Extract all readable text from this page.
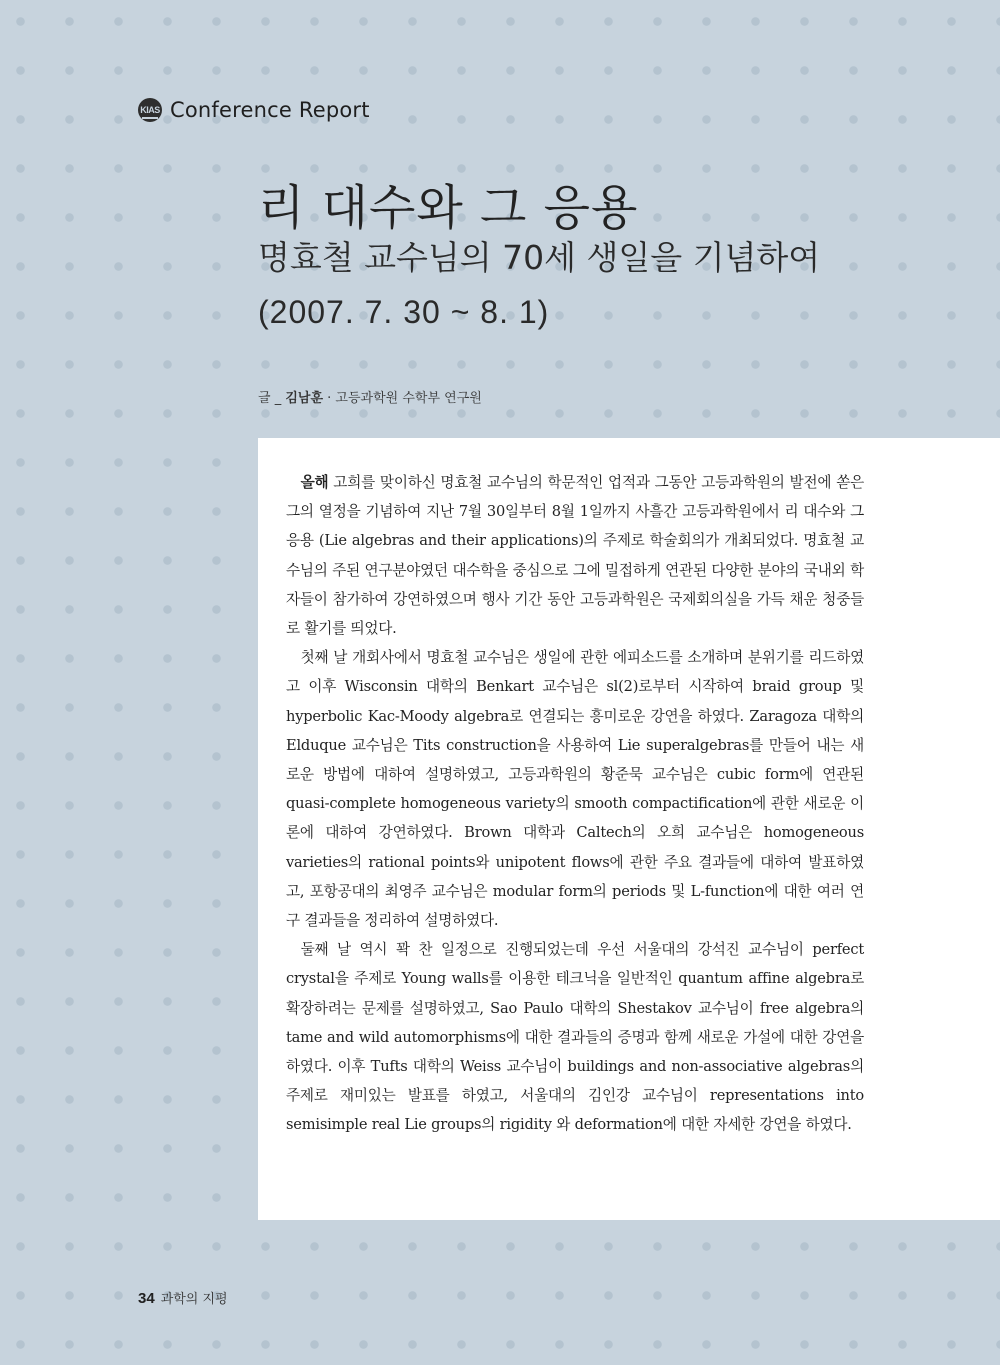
KIAS Conference Report
리 대수와 그 응용
명효철 교수님의 70세 생일을 기념하여
(2007. 7. 30 ~ 8. 1)
글 _ 김남훈 · 고등과학원 수학부 연구원

올해 고희를 맞이하신 명효철 교수님의 학문적인 업적과 그동안 고등과학원의 발전에 쏟은 그의 열정을 기념하여 지난 7월 30일부터 8월 1일까지 사흘간 고등과학원에서 리 대수와 그 응용 (Lie algebras and their applications)의 주제로 학술회의가 개최되었다. 명효철 교수님의 주된 연구분야였던 대수학을 중심으로 그에 밀접하게 연관된 다양한 분야의 국내외 학자들이 참가하여 강연하였으며 행사 기간 동안 고등과학원은 국제회의실을 가득 채운 청중들로 활기를 띄었다.

첫째 날 개회사에서 명효철 교수님은 생일에 관한 에피소드를 소개하며 분위기를 리드하였고 이후 Wisconsin 대학의 Benkart 교수님은 sl(2)로부터 시작하여 braid group 및 hyperbolic Kac-Moody algebra로 연결되는 흥미로운 강연을 하였다. Zaragoza 대학의 Elduque 교수님은 Tits construction을 사용하여 Lie superalgebras를 만들어 내는 새로운 방법에 대하여 설명하였고, 고등과학원의 황준묵 교수님은 cubic form에 연관된 quasi-complete homogeneous variety의 smooth compactification에 관한 새로운 이론에 대하여 강연하였다. Brown 대학과 Caltech의 오희 교수님은 homogeneous varieties의 rational points와 unipotent flows에 관한 주요 결과들에 대하여 발표하였고, 포항공대의 최영주 교수님은 modular form의 periods 및 L-function에 대한 여러 연구 결과들을 정리하여 설명하였다.

둘째 날 역시 꽉 찬 일정으로 진행되었는데 우선 서울대의 강석진 교수님이 perfect crystal을 주제로 Young walls를 이용한 테크닉을 일반적인 quantum affine algebra로 확장하려는 문제를 설명하였고, Sao Paulo 대학의 Shestakov 교수님이 free algebra의 tame and wild automorphisms에 대한 결과들의 증명과 함께 새로운 가설에 대한 강연을 하였다. 이후 Tufts 대학의 Weiss 교수님이 buildings and non-associative algebras의 주제로 재미있는 발표를 하였고, 서울대의 김인강 교수님이 representations into semisimple real Lie groups의 rigidity 와 deformation에 대한 자세한 강연을 하였다.

34 과학의 지평
